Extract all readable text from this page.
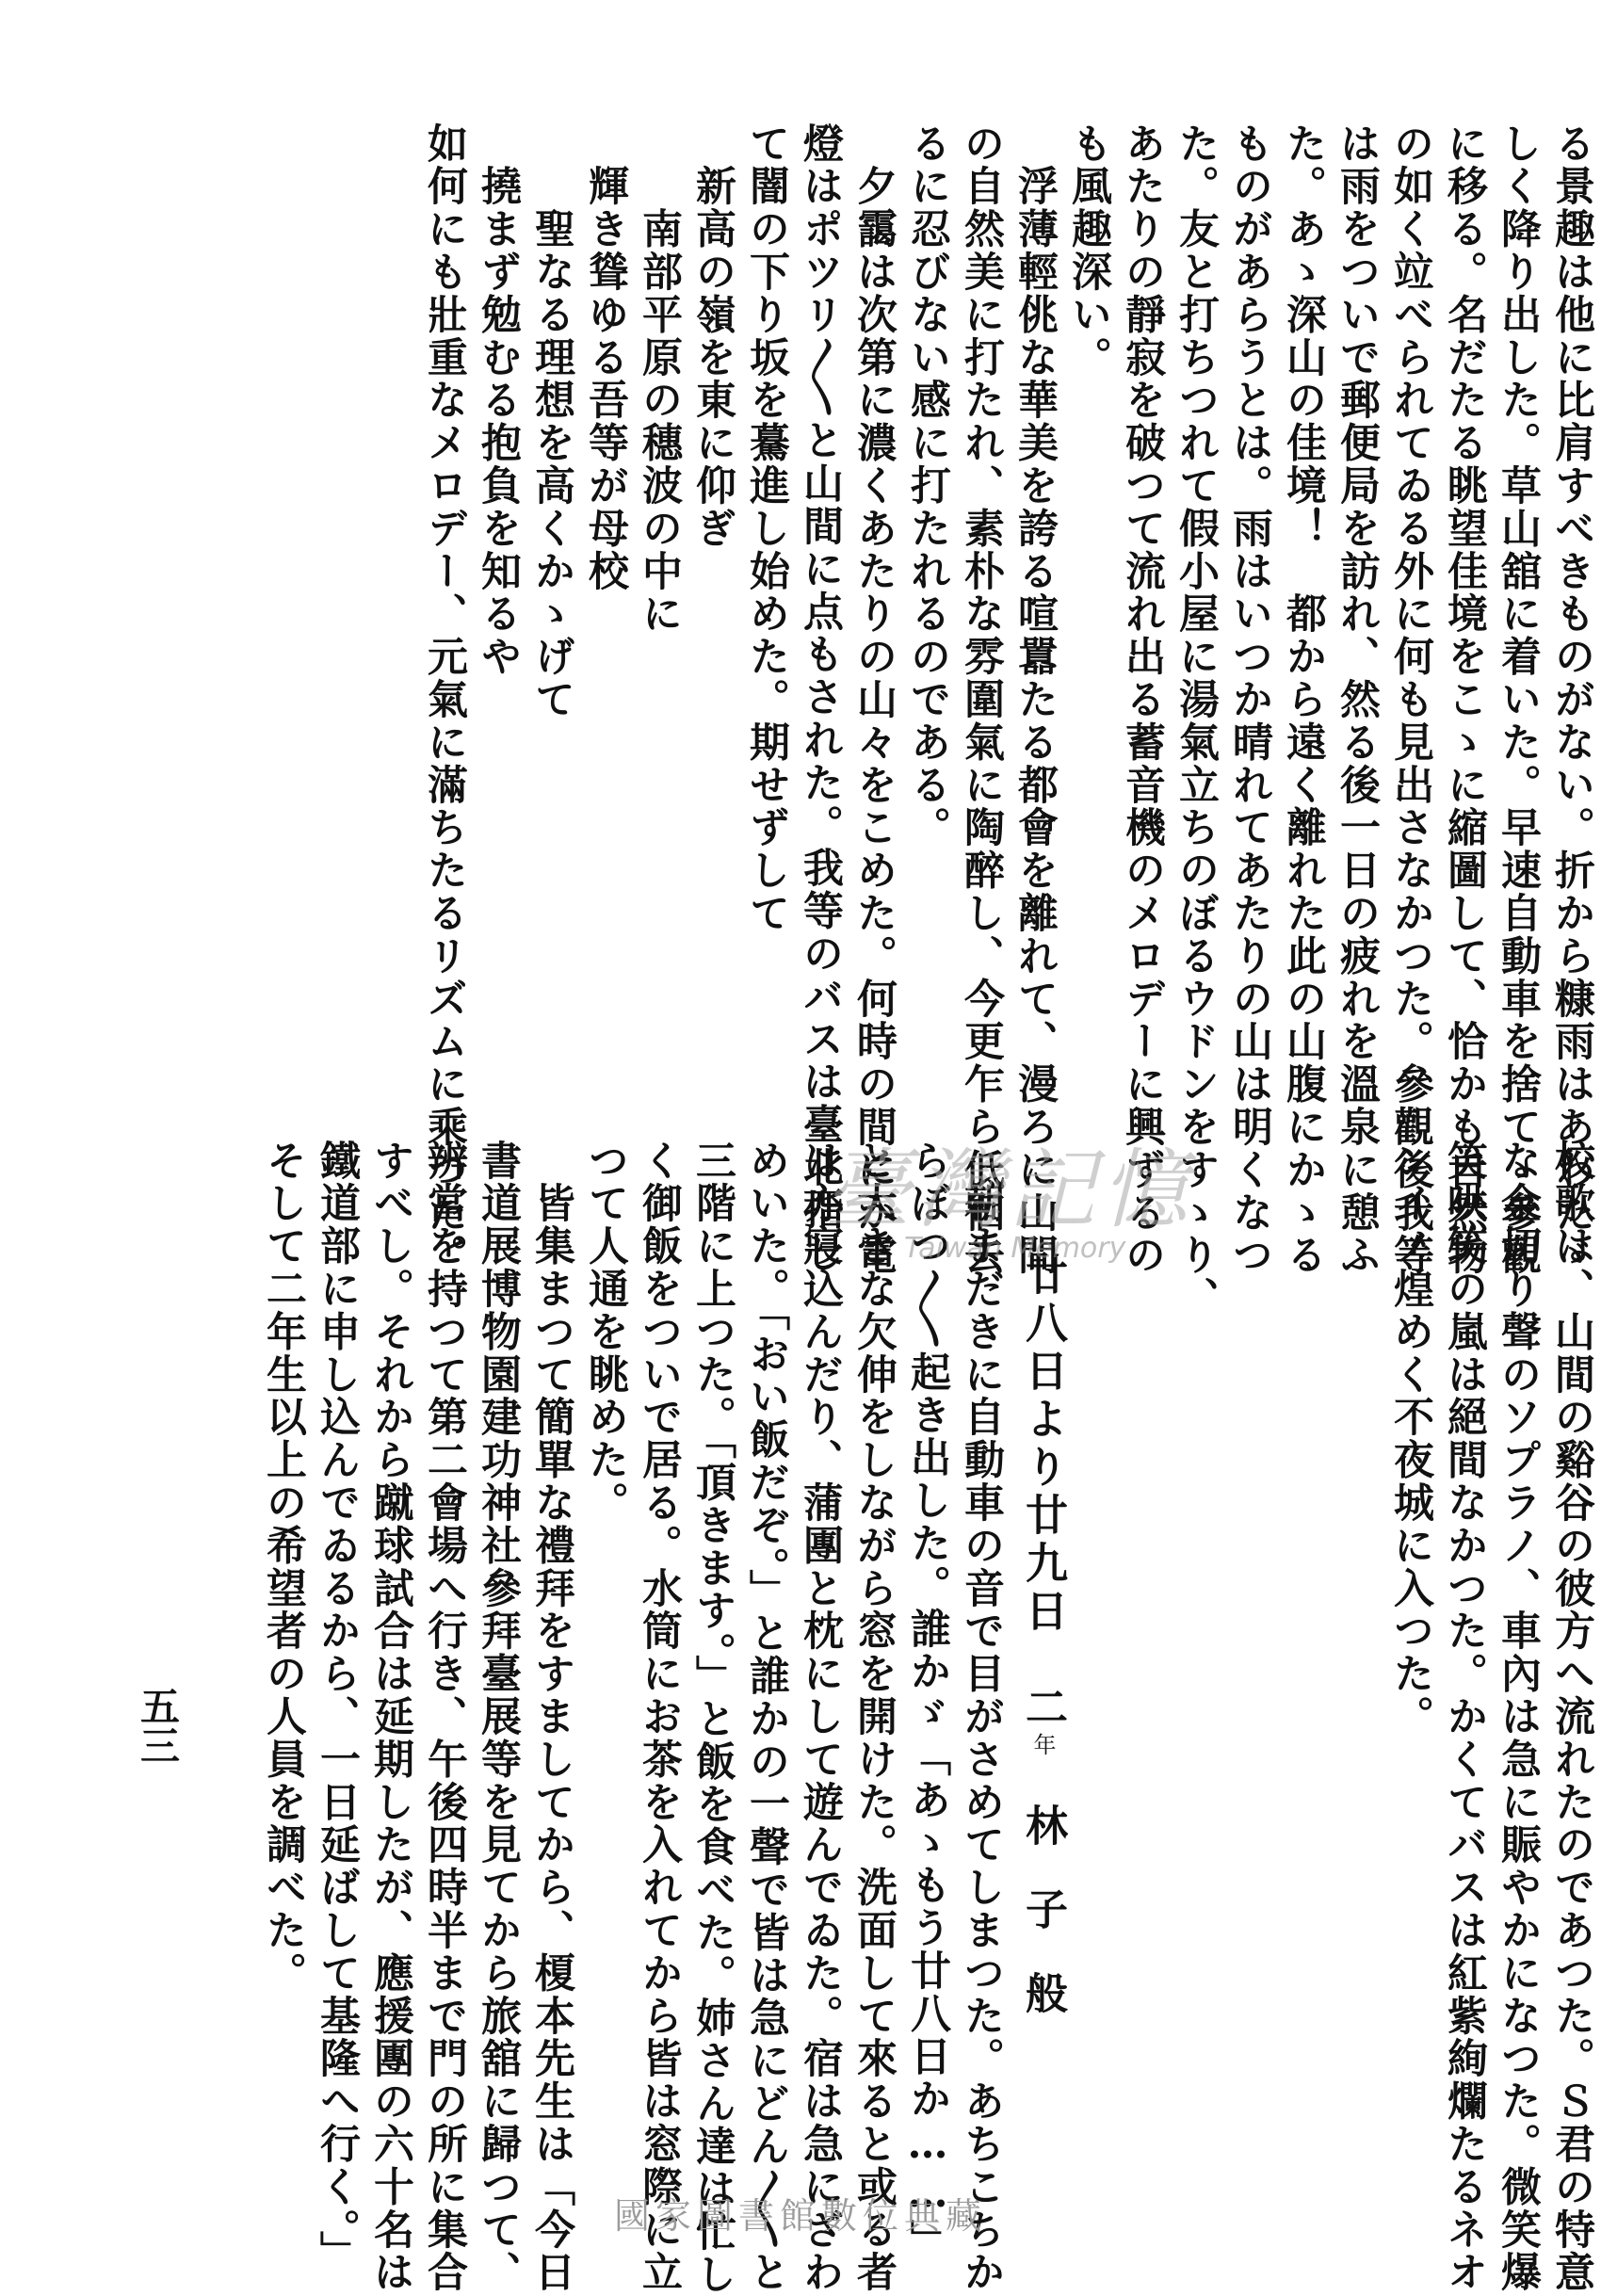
る景趣は他に比肩すべきものがない。折から糠雨はあわたゞ
しく降り出した。草山舘に着いた。早速自動車を捨てゝ參觀
に移る。名だたる眺望佳境をこゝに縮圖して、恰かも自然物
の如く竝べられてゐる外に何も見出さなかつた。參觀後我等
は雨をついで郵便局を訪れ、然る後一日の疲れを溫泉に憩ふ
た。あゝ深山の佳境！　都から遠く離れた此の山腹にかゝる
ものがあらうとは。雨はいつか晴れてあたりの山は明くなつ
た。友と打ちつれて假小屋に湯氣立ちのぼるウドンをすゝり、
あたりの靜寂を破つて流れ出る蓄音機のメロデーに興ずるの
も風趣深い。
　浮薄輕佻な華美を誇る喧囂たる都會を離れて、漫ろに山間
の自然美に打たれ、素朴な雰圍氣に陶醉し、今更乍ら低徊去
るに忍びない感に打たれるのである。
　夕靄は次第に濃くあたりの山々をこめた。何時の間にか電
燈はポツリ〳〵と山間に点もされた。我等のバスは臺北指し
て闇の下り坂を驀進し始めた。期せずして
　新高の嶺を東に仰ぎ
　　南部平原の穗波の中に
　輝き聳ゆる吾等が母校
　　聖なる理想を高くかゝげて
　撓まず勉むる抱負を知るや
如何にも壯重なメロデー、元氣に滿ちたるリズムに乘つた。
校歌は、山間の谿谷の彼方へ流れたのであつた。Ｓ君の特意
な金切り聲のソプラノ、車內は急に賑やかになつた。微笑爆
笑哄笑の嵐は絕間なかつた。かくてバスは紅紫絢爛たるネオ
ンイノ煌めく不夜城に入つた。
　朝まだきに自動車の音で目がさめてしまつた。あちこちか
らぼつ〳〵起き出した。誰かゞ「あゝもう廿八日か……」
と大きな欠伸をしながら窓を開けた。洗面して來ると或る者
は亦寢込んだり、蒲團と枕にして遊んでゐた。宿は急にざわ
めいた。「おい飯だぞ。」と誰かの一聲で皆は急にどん〳〵と
三階に上つた。「頂きます。」と飯を食べた。姉さん達は忙し
く御飯をついで居る。水筒にお茶を入れてから皆は窓際に立
つて人通を眺めた。
　皆集まつて簡單な禮拜をすましてから、榎本先生は「今日
書道展博物園建功神社參拜臺展等を見てから旅舘に歸つて、
辨當を持つて第二會場へ行き、午後四時半まで門の所に集合
すべし。それから蹴球試合は延期したが、應援團の六十名は
鐵道部に申し込んでゐるから、一日延ばして基隆へ行く。」
そして二年生以上の希望者の人員を調べた。	廿八日より廿九日　二年　林子般
臺灣記憶
Taiwan Memory
五三
國家圖書館數位典藏
